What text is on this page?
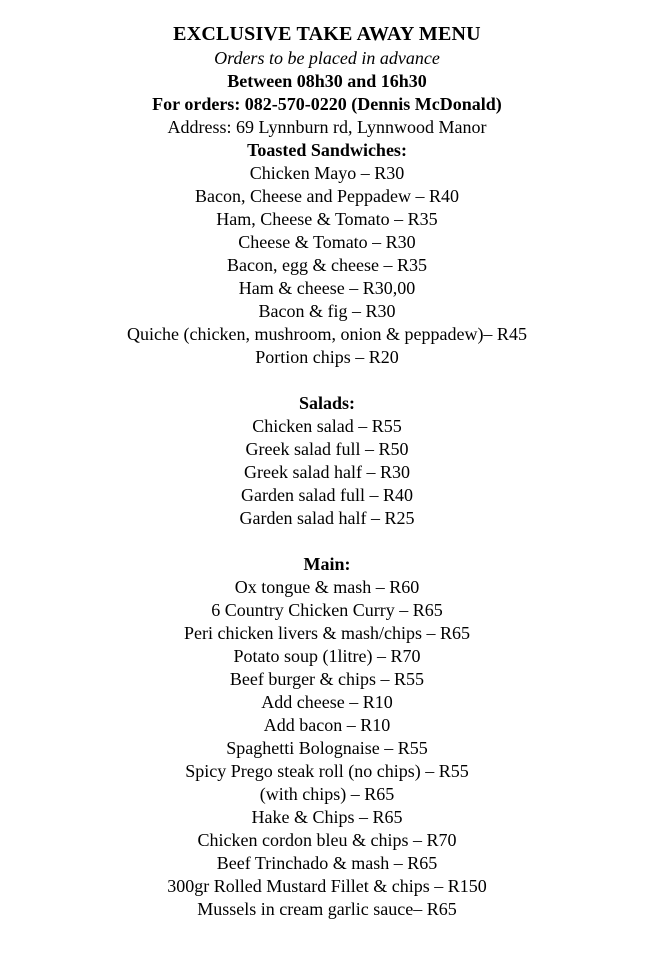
EXCLUSIVE TAKE AWAY MENU
Orders to be placed in advance
Between 08h30 and 16h30
For orders: 082-570-0220 (Dennis McDonald)
Address: 69 Lynnburn rd, Lynnwood Manor
Toasted Sandwiches:
Chicken Mayo – R30
Bacon, Cheese and Peppadew – R40
Ham, Cheese & Tomato – R35
Cheese & Tomato – R30
Bacon, egg & cheese – R35
Ham & cheese – R30,00
Bacon & fig – R30
Quiche (chicken, mushroom, onion & peppadew)– R45
Portion chips – R20
Salads:
Chicken salad – R55
Greek salad full – R50
Greek salad half – R30
Garden salad full – R40
Garden salad half – R25
Main:
Ox tongue & mash – R60
6 Country Chicken Curry – R65
Peri chicken livers & mash/chips – R65
Potato soup (1litre) – R70
Beef burger & chips – R55
Add cheese – R10
Add bacon – R10
Spaghetti Bolognaise – R55
Spicy Prego steak roll (no chips) – R55
(with chips) – R65
Hake & Chips – R65
Chicken cordon bleu & chips – R70
Beef Trinchado & mash – R65
300gr Rolled Mustard Fillet & chips – R150
Mussels in cream garlic sauce– R65
